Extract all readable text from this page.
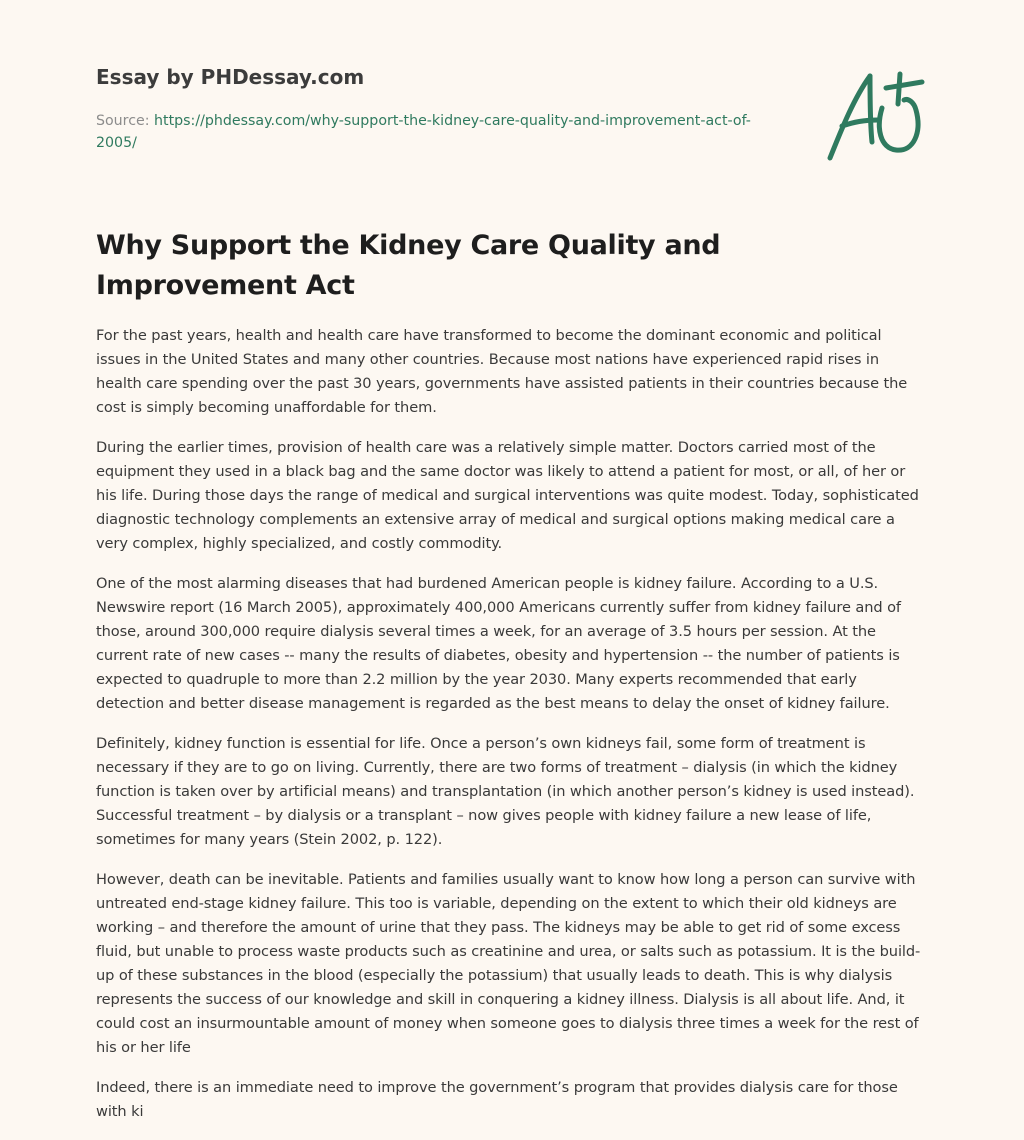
Essay by PHDessay.com
Source: https://phdessay.com/why-support-the-kidney-care-quality-and-improvement-act-of-2005/
Why Support the Kidney Care Quality and Improvement Act

For the past years, health and health care have transformed to become the dominant economic and political issues in the United States and many other countries. Because most nations have experienced rapid rises in health care spending over the past 30 years, governments have assisted patients in their countries because the cost is simply becoming unaffordable for them.

During the earlier times, provision of health care was a relatively simple matter. Doctors carried most of the equipment they used in a black bag and the same doctor was likely to attend a patient for most, or all, of her or his life. During those days the range of medical and surgical interventions was quite modest. Today, sophisticated diagnostic technology complements an extensive array of medical and surgical options making medical care a very complex, highly specialized, and costly commodity.

One of the most alarming diseases that had burdened American people is kidney failure. According to a U.S. Newswire report (16 March 2005), approximately 400,000 Americans currently suffer from kidney failure and of those, around 300,000 require dialysis several times a week, for an average of 3.5 hours per session. At the current rate of new cases -- many the results of diabetes, obesity and hypertension -- the number of patients is expected to quadruple to more than 2.2 million by the year 2030. Many experts recommended that early detection and better disease management is regarded as the best means to delay the onset of kidney failure.

Definitely, kidney function is essential for life. Once a person’s own kidneys fail, some form of treatment is necessary if they are to go on living. Currently, there are two forms of treatment – dialysis (in which the kidney function is taken over by artificial means) and transplantation (in which another person’s kidney is used instead). Successful treatment – by dialysis or a transplant – now gives people with kidney failure a new lease of life, sometimes for many years (Stein 2002, p. 122).

However, death can be inevitable. Patients and families usually want to know how long a person can survive with untreated end-stage kidney failure. This too is variable, depending on the extent to which their old kidneys are working – and therefore the amount of urine that they pass. The kidneys may be able to get rid of some excess fluid, but unable to process waste products such as creatinine and urea, or salts such as potassium. It is the build-up of these substances in the blood (especially the potassium) that usually leads to death. This is why dialysis represents the success of our knowledge and skill in conquering a kidney illness. Dialysis is all about life. And, it could cost an insurmountable amount of money when someone goes to dialysis three times a week for the rest of his or her life

Indeed, there is an immediate need to improve the government’s program that provides dialysis care for those with ki
